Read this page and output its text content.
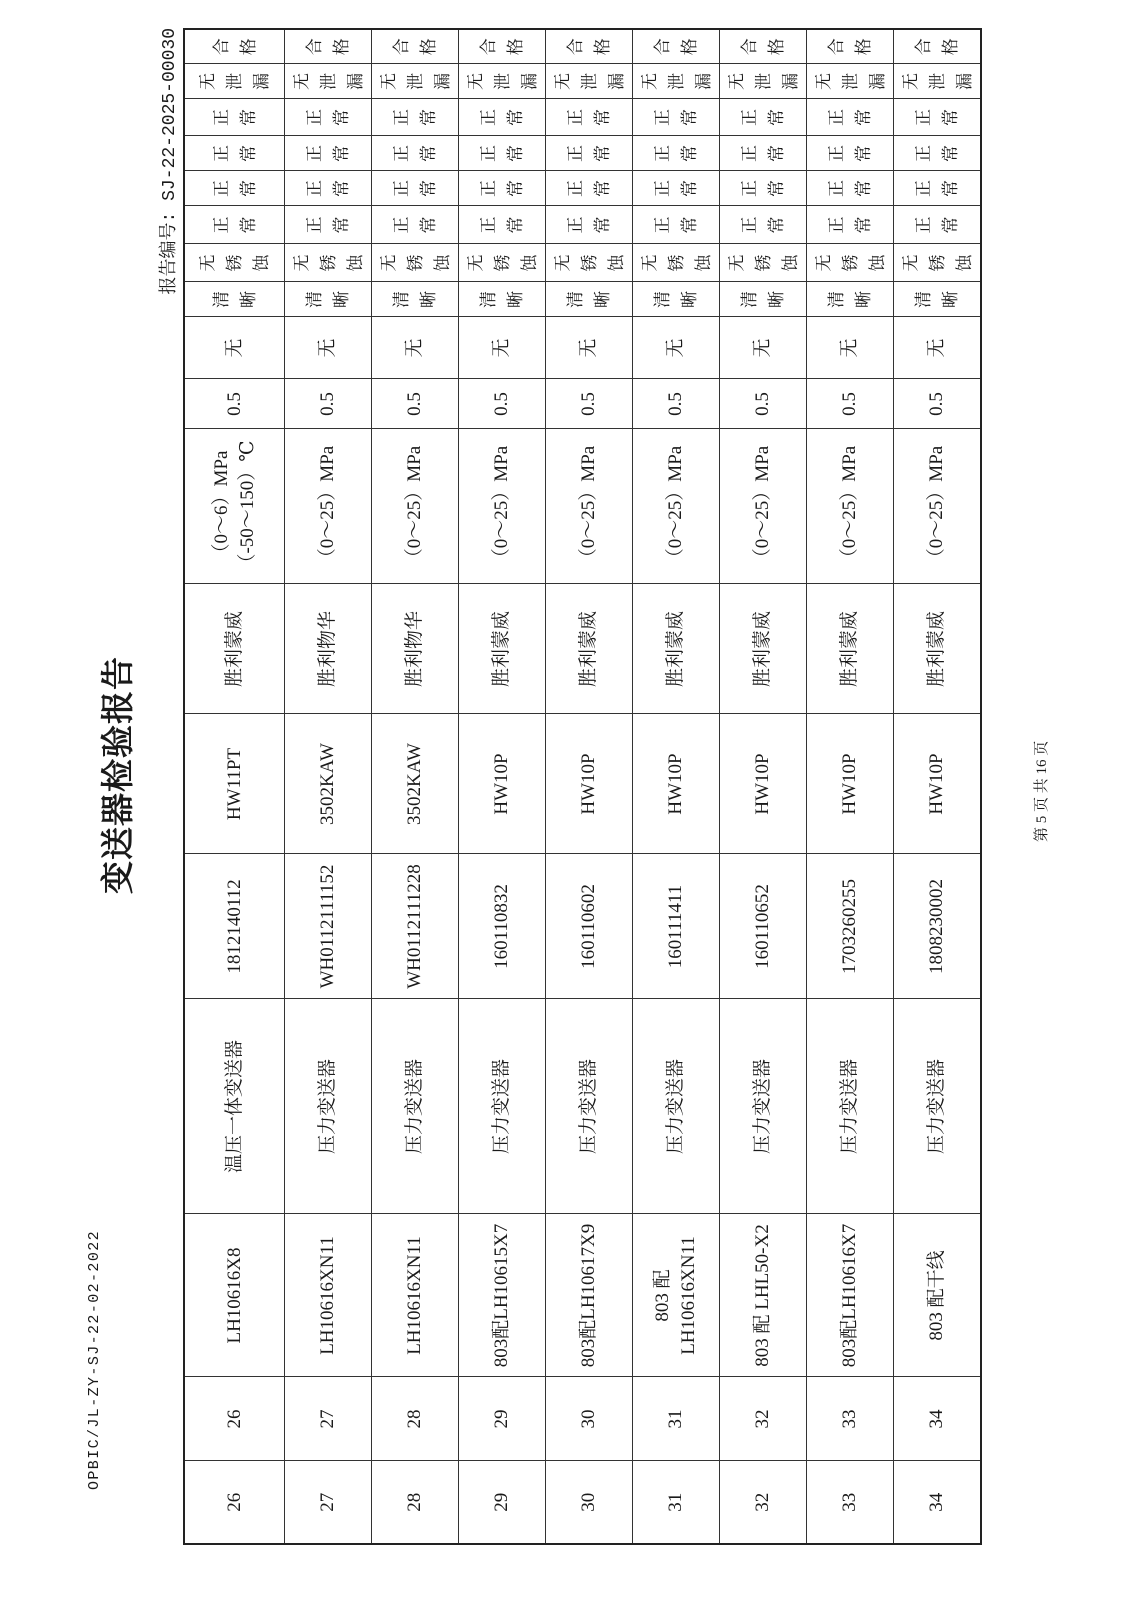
OPBIC/JL-ZY-SJ-22-02-2022
变送器检验报告
报告编号: SJ-22-2025-00030
26	26	LH10616X8	温压一体变送器	1812140112	HW11PT	胜利蒙威	（0～6）MPa
（-50～150）℃	0.5	无	清晰	无锈蚀	正常	正常	正常	正常	无泄漏	合格
27	27	LH10616XN11	压力变送器	WH0112111152	3502KAW	胜利物华	（0～25）MPa	0.5	无	清晰	无锈蚀	正常	正常	正常	正常	无泄漏	合格
28	28	LH10616XN11	压力变送器	WH0112111228	3502KAW	胜利物华	（0～25）MPa	0.5	无	清晰	无锈蚀	正常	正常	正常	正常	无泄漏	合格
29	29	803配LH10615X7	压力变送器	160110832	HW10P	胜利蒙威	（0～25）MPa	0.5	无	清晰	无锈蚀	正常	正常	正常	正常	无泄漏	合格
30	30	803配LH10617X9	压力变送器	160110602	HW10P	胜利蒙威	（0～25）MPa	0.5	无	清晰	无锈蚀	正常	正常	正常	正常	无泄漏	合格
31	31	803 配
LH10616XN11	压力变送器	160111411	HW10P	胜利蒙威	（0～25）MPa	0.5	无	清晰	无锈蚀	正常	正常	正常	正常	无泄漏	合格
32	32	803 配 LHL50-X2	压力变送器	160110652	HW10P	胜利蒙威	（0～25）MPa	0.5	无	清晰	无锈蚀	正常	正常	正常	正常	无泄漏	合格
33	33	803配LH10616X7	压力变送器	1703260255	HW10P	胜利蒙威	（0～25）MPa	0.5	无	清晰	无锈蚀	正常	正常	正常	正常	无泄漏	合格
34	34	803 配干线	压力变送器	1808230002	HW10P	胜利蒙威	（0～25）MPa	0.5	无	清晰	无锈蚀	正常	正常	正常	正常	无泄漏	合格
第 5 页 共 16 页
